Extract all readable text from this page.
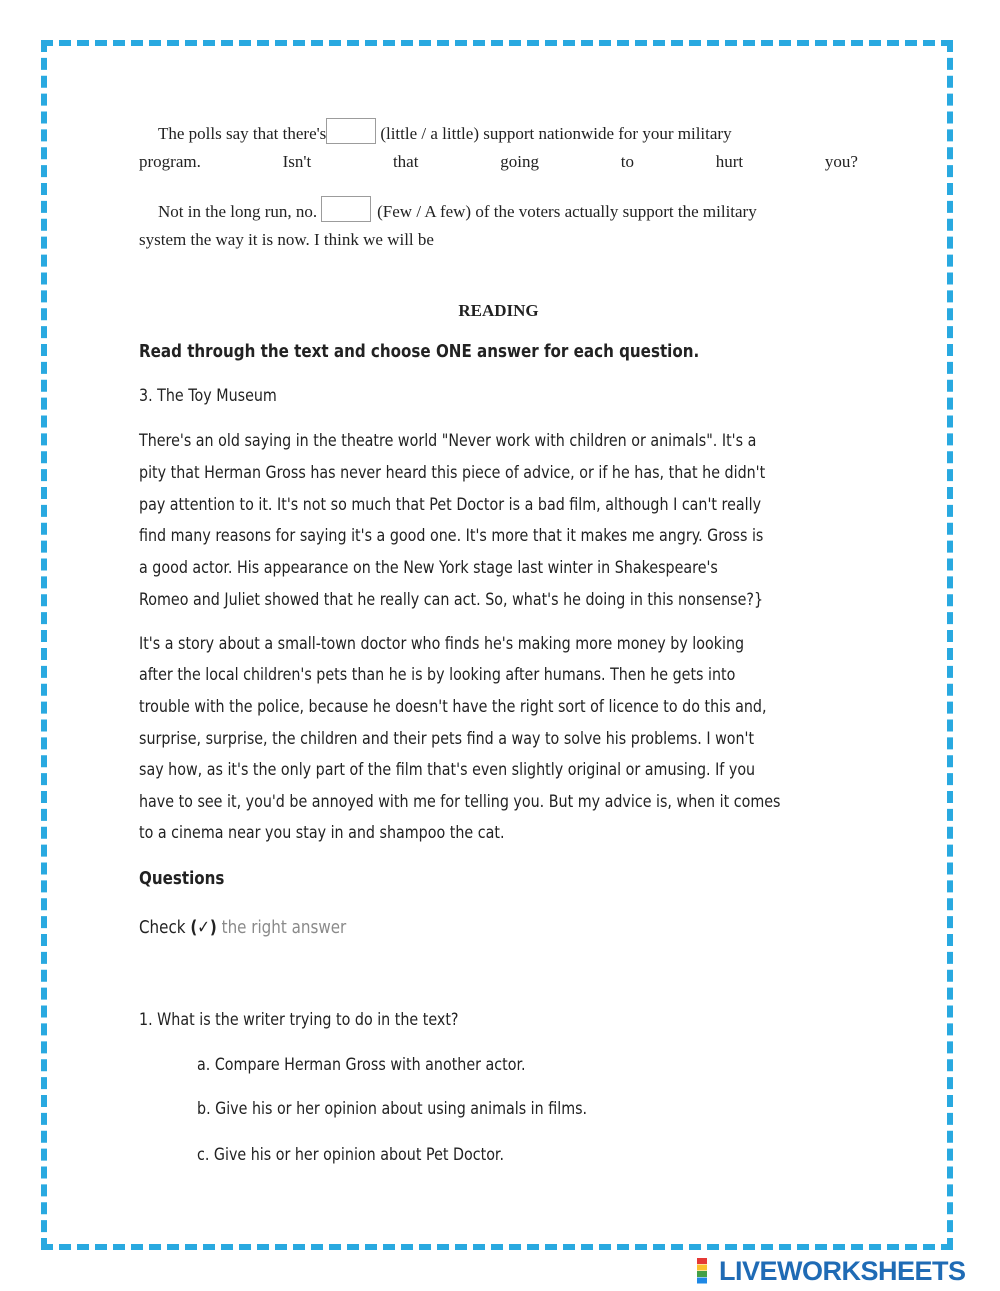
The polls say that there's	(little / a little) support nationwide for your military
program.	Isn't	that	going	to	hurt	you?
Not in the long run, no.	(Few / A few) of the voters actually support the military
system the way it is now. I think we will be
READING
Read through the text and choose ONE answer for each question.
3. The Toy Museum
There's an old saying in the theatre world "Never work with children or animals". It's a
pity that Herman Gross has never heard this piece of advice, or if he has, that he didn't
pay attention to it. It's not so much that Pet Doctor is a bad film, although I can't really
find many reasons for saying it's a good one. It's more that it makes me angry. Gross is
a good actor. His appearance on the New York stage last winter in Shakespeare's
Romeo and Juliet showed that he really can act. So, what's he doing in this nonsense?}
It's a story about a small-town doctor who finds he's making more money by looking
after the local children's pets than he is by looking after humans. Then he gets into
trouble with the police, because he doesn't have the right sort of licence to do this and,
surprise, surprise, the children and their pets find a way to solve his problems. I won't
say how, as it's the only part of the film that's even slightly original or amusing. If you
have to see it, you'd be annoyed with me for telling you. But my advice is, when it comes
to a cinema near you stay in and shampoo the cat.
Questions
Check (✓) the right answer
1. What is the writer trying to do in the text?
a. Compare Herman Gross with another actor.
b. Give his or her opinion about using animals in films.
c. Give his or her opinion about Pet Doctor.
LIVEWORKSHEETS
